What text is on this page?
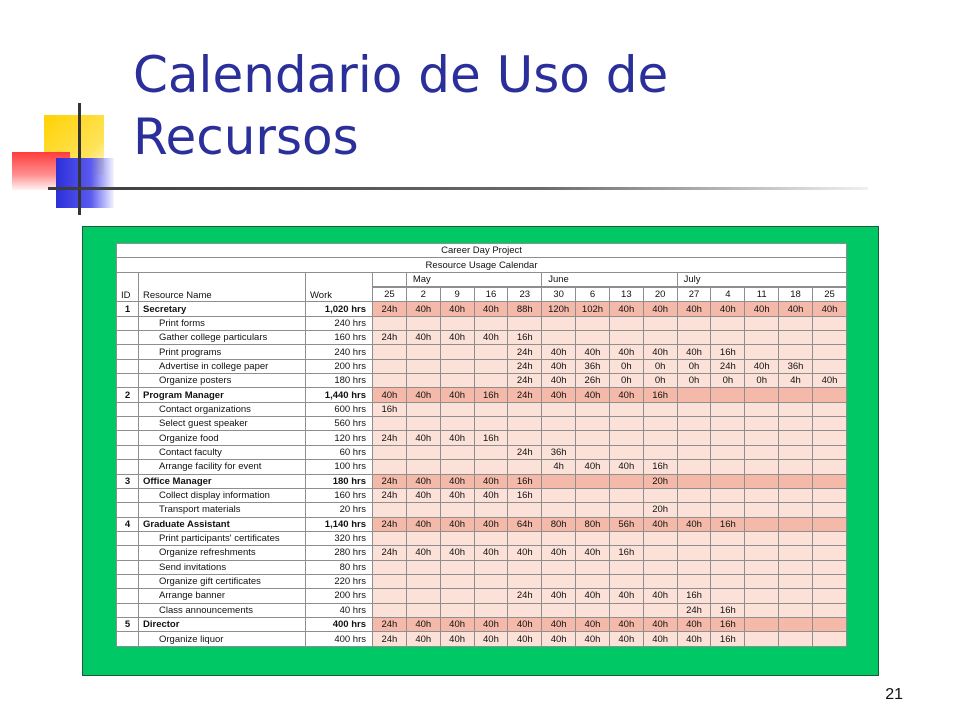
Calendario de Uso de
Recursos
Career Day Project																
Resource Usage Calendar																
ID	Resource Name	Work		May				June				July				

			25	2	9	16	23	30	6	13	20	27	4	11	18	25
1	Secretary	1,020 hrs	24h	40h	40h	40h	88h	120h	102h	40h	40h	40h	40h	40h	40h	40h
	Print forms	240 hrs														
	Gather college particulars	160 hrs	24h	40h	40h	40h	16h									
	Print programs	240 hrs					24h	40h	40h	40h	40h	40h	16h			
	Advertise in college paper	200 hrs					24h	40h	36h	0h	0h	0h	24h	40h	36h	
	Organize posters	180 hrs					24h	40h	26h	0h	0h	0h	0h	0h	4h	40h
2	Program Manager	1,440 hrs	40h	40h	40h	16h	24h	40h	40h	40h	16h					
	Contact organizations	600 hrs	16h													
	Select guest speaker	560 hrs														
	Organize food	120 hrs	24h	40h	40h	16h										
	Contact faculty	60 hrs					24h	36h								
	Arrange facility for event	100 hrs						4h	40h	40h	16h					
3	Office Manager	180 hrs	24h	40h	40h	40h	16h				20h					
	Collect display information	160 hrs	24h	40h	40h	40h	16h									
	Transport materials	20 hrs									20h					
4	Graduate Assistant	1,140 hrs	24h	40h	40h	40h	64h	80h	80h	56h	40h	40h	16h			
	Print participants' certificates	320 hrs														
	Organize refreshments	280 hrs	24h	40h	40h	40h	40h	40h	40h	16h						
	Send invitations	80 hrs														
	Organize gift certificates	220 hrs														
	Arrange banner	200 hrs					24h	40h	40h	40h	40h	16h				
	Class announcements	40 hrs										24h	16h			
5	Director	400 hrs	24h	40h	40h	40h	40h	40h	40h	40h	40h	40h	16h			
	Organize liquor	400 hrs	24h	40h	40h	40h	40h	40h	40h	40h	40h	40h	16h			
21
